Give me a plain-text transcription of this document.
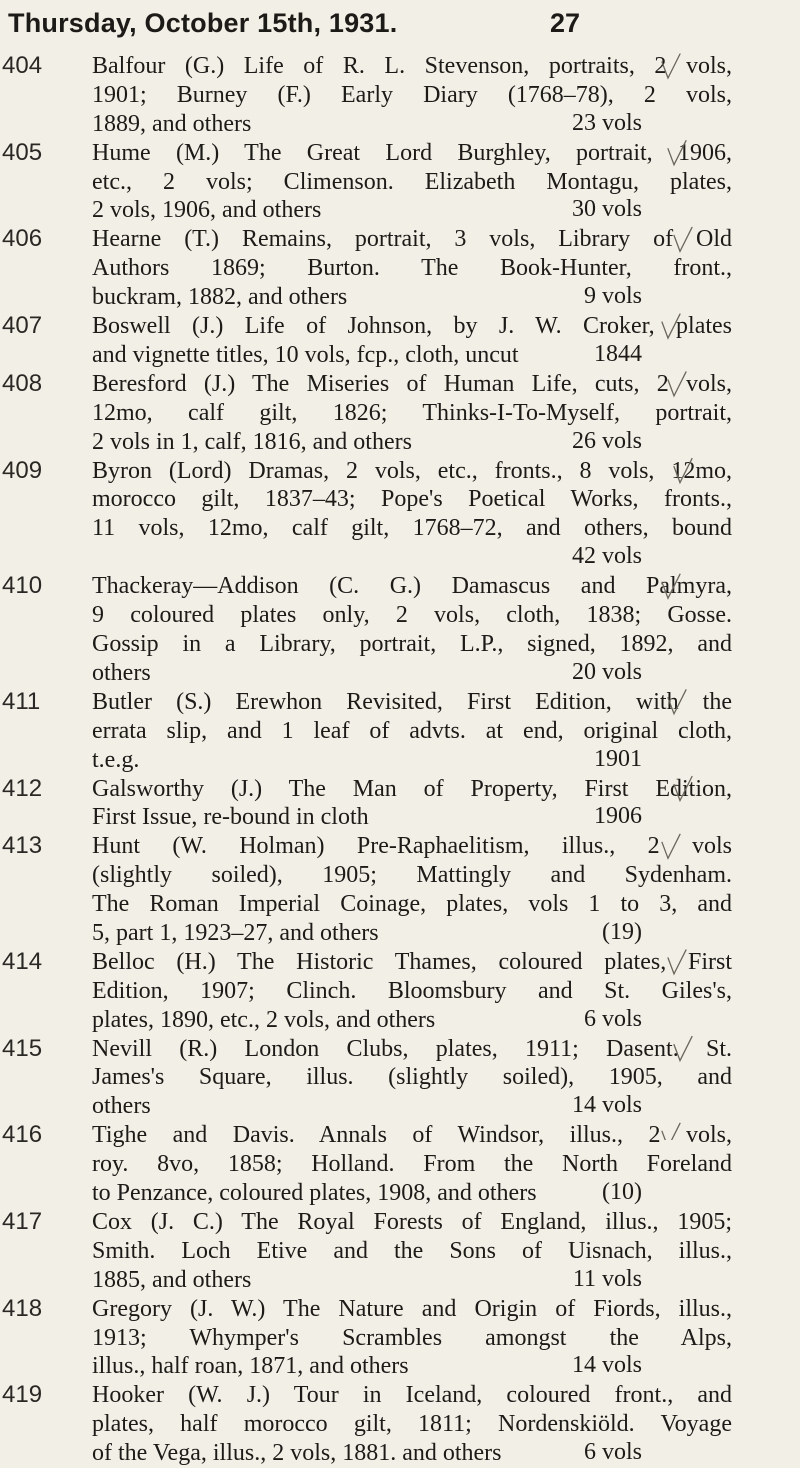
Thursday, October 15th, 1931.	27
404 Balfour (G.) Life of R. L. Stevenson, portraits, 2 vols,
1901; Burney (F.) Early Diary (1768–78), 2 vols,
1889, and others	23 vols
405 Hume (M.) The Great Lord Burghley, portrait, 1906,
etc., 2 vols; Climenson. Elizabeth Montagu, plates,
2 vols, 1906, and others	30 vols
406 Hearne (T.) Remains, portrait, 3 vols, Library of Old
Authors 1869; Burton. The Book-Hunter, front.,
buckram, 1882, and others	9 vols
407 Boswell (J.) Life of Johnson, by J. W. Croker, plates
and vignette titles, 10 vols, fcp., cloth, uncut	1844
408 Beresford (J.) The Miseries of Human Life, cuts, 2 vols,
12mo, calf gilt, 1826; Thinks-I-To-Myself, portrait,
2 vols in 1, calf, 1816, and others	26 vols
409 Byron (Lord) Dramas, 2 vols, etc., fronts., 8 vols, 12mo,
morocco gilt, 1837–43; Pope's Poetical Works, fronts.,
11 vols, 12mo, calf gilt, 1768–72, and others, bound
42 vols
410 Thackeray—Addison (C. G.) Damascus and Palmyra,
9 coloured plates only, 2 vols, cloth, 1838; Gosse.
Gossip in a Library, portrait, L.P., signed, 1892, and
others	20 vols
411 Butler (S.) Erewhon Revisited, First Edition, with the
errata slip, and 1 leaf of advts. at end, original cloth,
t.e.g.	1901
412 Galsworthy (J.) The Man of Property, First Edition,
First Issue, re-bound in cloth	1906
413 Hunt (W. Holman) Pre-Raphaelitism, illus., 2 vols
(slightly soiled), 1905; Mattingly and Sydenham.
The Roman Imperial Coinage, plates, vols 1 to 3, and
5, part 1, 1923–27, and others	(19)
414 Belloc (H.) The Historic Thames, coloured plates, First
Edition, 1907; Clinch. Bloomsbury and St. Giles's,
plates, 1890, etc., 2 vols, and others	6 vols
415 Nevill (R.) London Clubs, plates, 1911; Dasent. St.
James's Square, illus. (slightly soiled), 1905, and
others	14 vols
416 Tighe and Davis. Annals of Windsor, illus., 2 vols,
roy. 8vo, 1858; Holland. From the North Foreland
to Penzance, coloured plates, 1908, and others	(10)
417 Cox (J. C.) The Royal Forests of England, illus., 1905;
Smith. Loch Etive and the Sons of Uisnach, illus.,
1885, and others	11 vols
418 Gregory (J. W.) The Nature and Origin of Fiords, illus.,
1913; Whymper's Scrambles amongst the Alps,
illus., half roan, 1871, and others	14 vols
419 Hooker (W. J.) Tour in Iceland, coloured front., and
plates, half morocco gilt, 1811; Nordenskiöld. Voyage
of the Vega, illus., 2 vols, 1881. and others	6 vols
